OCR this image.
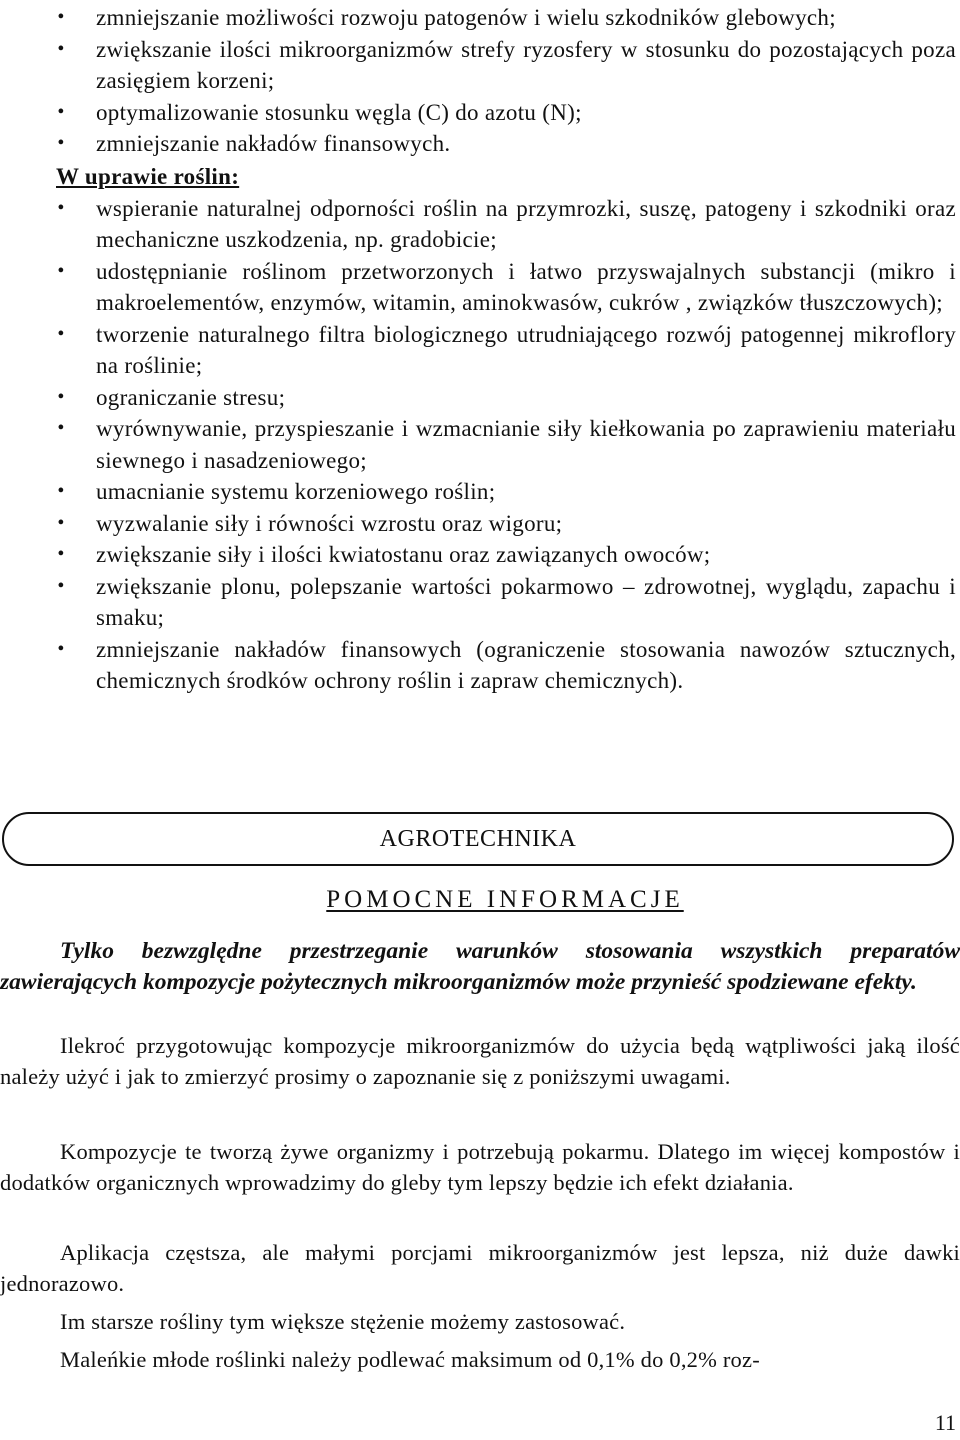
• zmniejszanie możliwości rozwoju patogenów i wielu szkodników glebowych;
• zwiększanie ilości mikroorganizmów strefy ryzosfery w stosunku do pozostających poza zasięgiem korzeni;
• optymalizowanie stosunku węgla (C) do azotu (N);
• zmniejszanie nakładów finansowych.
W uprawie roślin:
• wspieranie naturalnej odporności roślin na przymrozki, suszę, patogeny i szkodniki oraz mechaniczne uszkodzenia, np. gradobicie;
• udostępnianie roślinom przetworzonych i łatwo przyswajalnych substancji (mikro i makroelementów, enzymów, witamin, aminokwasów, cukrów , związków tłuszczowych);
• tworzenie naturalnego filtra biologicznego utrudniającego rozwój patogennej mikroflory na roślinie;
• ograniczanie stresu;
• wyrównywanie, przyspieszanie i wzmacnianie siły kiełkowania po zaprawieniu materiału siewnego i nasadzeniowego;
• umacnianie systemu korzeniowego roślin;
• wyzwalanie siły i równości wzrostu oraz wigoru;
• zwiększanie siły i ilości kwiatostanu oraz zawiązanych owoców;
• zwiększanie plonu, polepszanie wartości pokarmowo – zdrowotnej, wyglądu, zapachu i smaku;
• zmniejszanie nakładów finansowych (ograniczenie stosowania nawozów sztucznych, chemicznych środków ochrony roślin i zapraw chemicznych).
AGROTECHNIKA
POMOCNE INFORMACJE

Tylko bezwzględne przestrzeganie warunków stosowania wszystkich preparatów zawierających kompozycje pożytecznych mikroorganizmów może przynieść spodziewane efekty.

Ilekroć przygotowując kompozycje mikroorganizmów do użycia będą wątpliwości jaką ilość należy użyć i jak to zmierzyć prosimy o zapoznanie się z poniższymi uwagami.

Kompozycje te tworzą żywe organizmy i potrzebują pokarmu. Dlatego im więcej kompostów i dodatków organicznych wprowadzimy do gleby tym lepszy będzie ich efekt działania.

Aplikacja częstsza, ale małymi porcjami mikroorganizmów jest lepsza, niż duże dawki jednorazowo.

Im starsze rośliny tym większe stężenie możemy zastosować.

Maleńkie młode roślinki należy podlewać maksimum od 0,1% do 0,2% roz-

11
